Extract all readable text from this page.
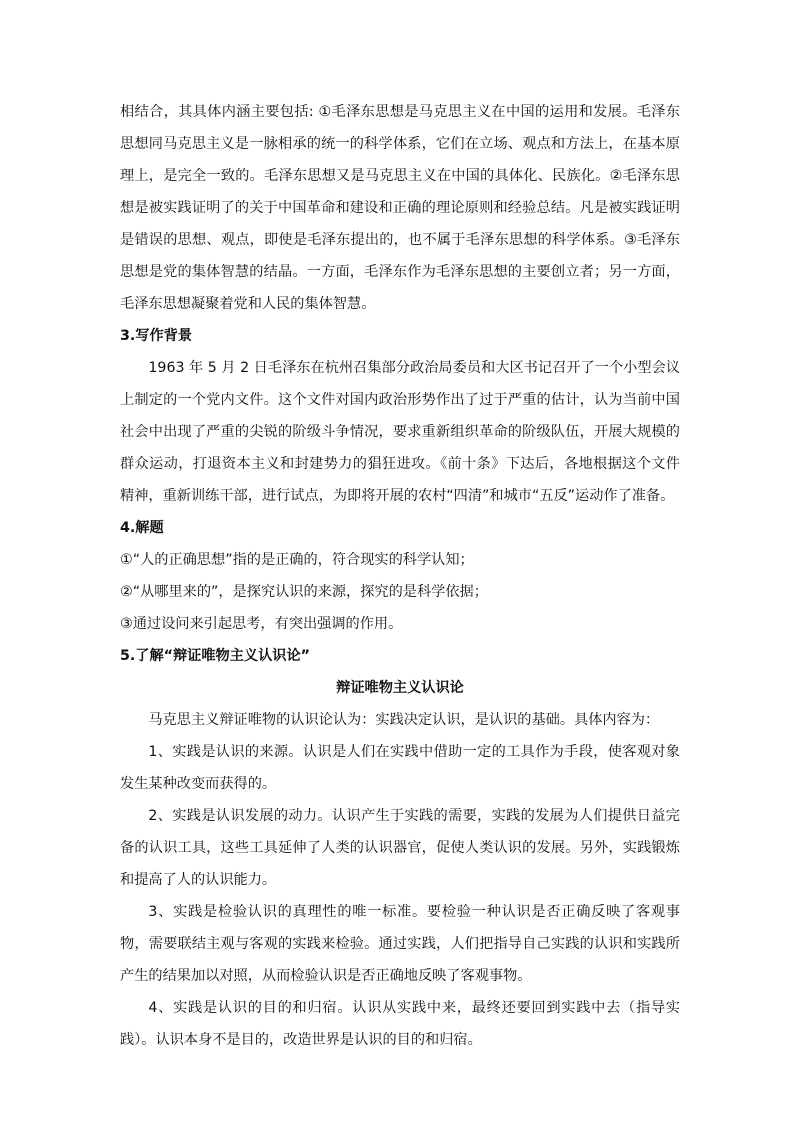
相结合，其具体内涵主要包括: ①毛泽东思想是马克思主义在中国的运用和发展。毛泽东思想同马克思主义是一脉相承的统一的科学体系，它们在立场、观点和方法上，在基本原理上，是完全一致的。毛泽东思想又是马克思主义在中国的具体化、民族化。②毛泽东思想是被实践证明了的关于中国革命和建设和正确的理论原则和经验总结。凡是被实践证明是错误的思想、观点，即使是毛泽东提出的，也不属于毛泽东思想的科学体系。③毛泽东思想是党的集体智慧的结晶。一方面，毛泽东作为毛泽东思想的主要创立者；另一方面，毛泽东思想凝聚着党和人民的集体智慧。

3.写作背景

1963 年 5 月 2 日毛泽东在杭州召集部分政治局委员和大区书记召开了一个小型会议上制定的一个党内文件。这个文件对国内政治形势作出了过于严重的估计，认为当前中国社会中出现了严重的尖锐的阶级斗争情况，要求重新组织革命的阶级队伍，开展大规模的群众运动，打退资本主义和封建势力的猖狂进攻。《前十条》下达后，各地根据这个文件精神，重新训练干部，进行试点，为即将开展的农村“四清”和城市“五反”运动作了准备。

4.解题

①“人的正确思想”指的是正确的，符合现实的科学认知；

②“从哪里来的”，是探究认识的来源，探究的是科学依据；

③通过设问来引起思考，有突出强调的作用。

5.了解“辩证唯物主义认识论”

辩证唯物主义认识论

马克思主义辩证唯物的认识论认为：实践决定认识，是认识的基础。具体内容为：

1、实践是认识的来源。认识是人们在实践中借助一定的工具作为手段，使客观对象发生某种改变而获得的。

2、实践是认识发展的动力。认识产生于实践的需要，实践的发展为人们提供日益完备的认识工具，这些工具延伸了人类的认识器官，促使人类认识的发展。另外，实践锻炼和提高了人的认识能力。

3、实践是检验认识的真理性的唯一标准。要检验一种认识是否正确反映了客观事物，需要联结主观与客观的实践来检验。通过实践，人们把指导自己实践的认识和实践所产生的结果加以对照，从而检验认识是否正确地反映了客观事物。

4、实践是认识的目的和归宿。认识从实践中来，最终还要回到实践中去（指导实践）。认识本身不是目的，改造世界是认识的目的和归宿。
